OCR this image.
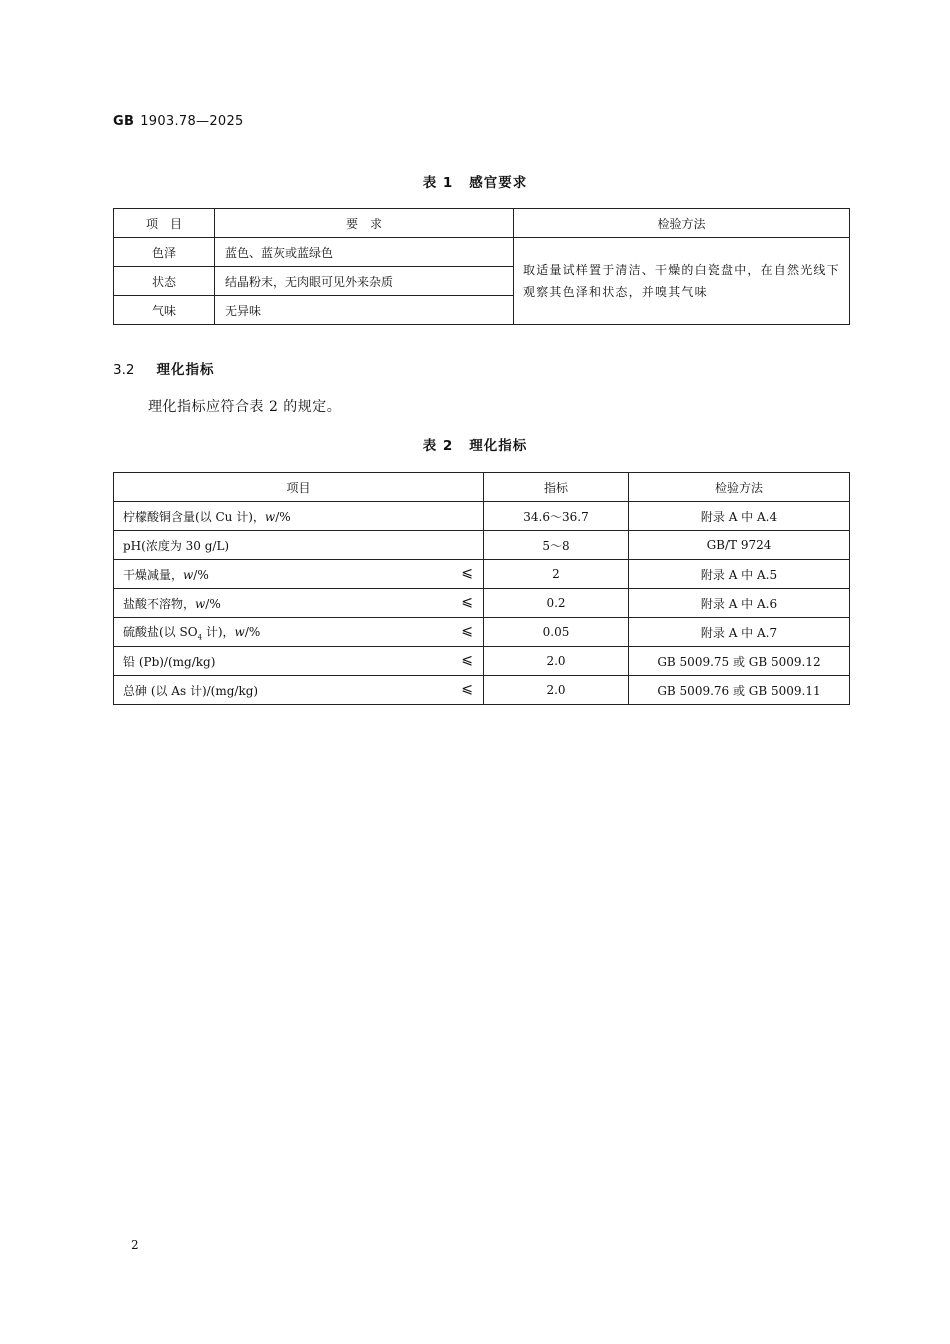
GB 1903.78—2025
表 1 感官要求
项　目	要　求	检验方法
色泽	蓝色、蓝灰或蓝绿色	取适量试样置于清洁、干燥的白瓷盘中，在自然光线下观察其色泽和状态，并嗅其气味
状态	结晶粉末，无肉眼可见外来杂质	
气味	无异味	
3.2 理化指标
理化指标应符合表 2 的规定。
表 2 理化指标
项目	指标	检验方法
柠檬酸铜含量(以 Cu 计)，w/%	34.6～36.7	附录 A 中 A.4
pH(浓度为 30 g/L)	5～8	GB/T 9724
干燥减量，w/% ⩽	2	附录 A 中 A.5
盐酸不溶物，w/% ⩽	0.2	附录 A 中 A.6
硫酸盐(以 $SO_4$ 计)，w/% ⩽	0.05	附录 A 中 A.7
铅 (Pb)/(mg/kg) ⩽	2.0	GB 5009.75 或 GB 5009.12
总砷 (以 As 计)/(mg/kg) ⩽	2.0	GB 5009.76 或 GB 5009.11
2
